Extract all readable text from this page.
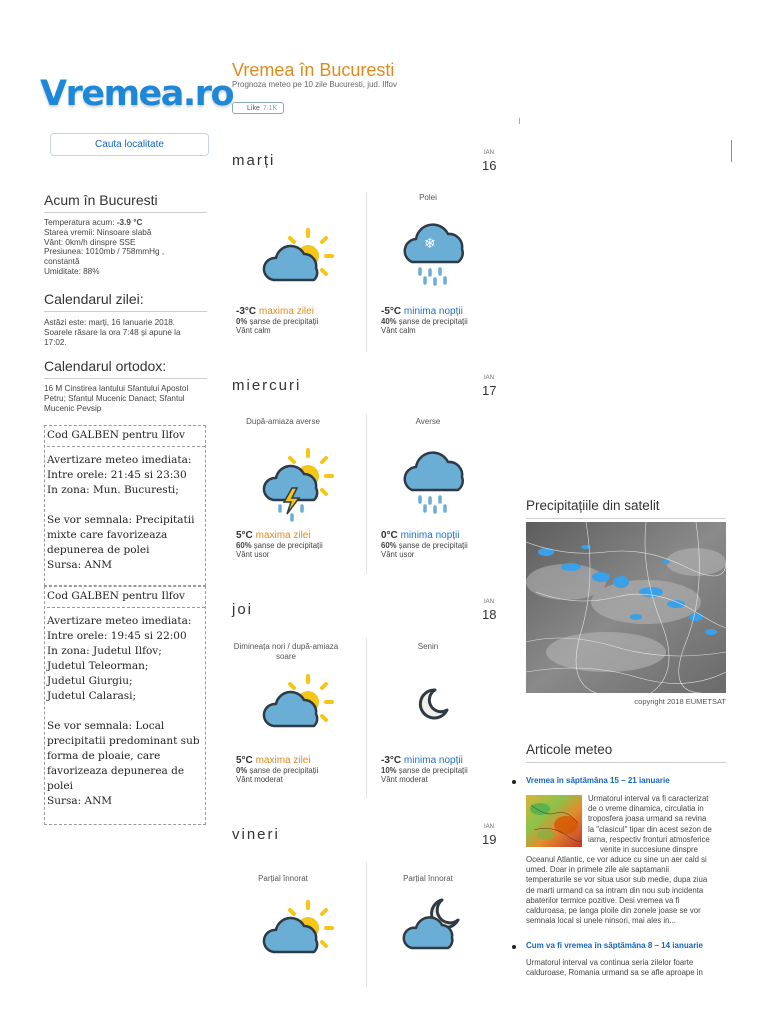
Vremea.ro
Cauta localitate
Acum în Bucuresti
Temperatura acum: -3.9 °C
Starea vremii: Ninsoare slabă
Vânt: 0km/h dinspre SSE
Presiunea: 1010mb / 758mmHg ,
constantă
Umiditate: 88%
Calendarul zilei:
Astăzi este: marți, 16 Ianuarie 2018.
Soarele răsare la ora 7:48 și apune la
17:02.
Calendarul ortodox:
16 M Cinstirea lantului Sfantului Apostol
Petru; Sfantul Mucenic Danact; Sfantul
Mucenic Pevsip
Cod GALBEN pentru Ilfov
Avertizare meteo imediata:
Intre orele: 21:45 si 23:30
In zona: Mun. Bucuresti;
Se vor semnala: Precipitatii
mixte care favorizeaza
depunerea de polei
Sursa: ANM
Cod GALBEN pentru Ilfov
Avertizare meteo imediata:
Intre orele: 19:45 si 22:00
In zona: Judetul Ilfov;
Judetul Teleorman;
Judetul Giurgiu;
Judetul Calarasi;
Se vor semnala: Local
precipitatii predominant sub
forma de ploaie, care
favorizeaza depunerea de
polei
Sursa: ANM
Vremea în Bucuresti
Prognoza meteo pe 10 zile Bucuresti, jud. Ilfov
Like 7.1K
marți	IAN
16
Polei
❄
-3°C maxima zilei
0% șanse de precipitații
Vânt calm
-5°C minima nopții
40% șanse de precipitații
Vânt calm
miercuri	IAN
17
După-amiaza averse	Averse
5°C maxima zilei
60% șanse de precipitații
Vânt usor
0°C minima nopții
60% șanse de precipitații
Vânt usor
joi	IAN
18
Dimineața nori / după-amiaza soare
Senin
5°C maxima zilei
0% șanse de precipitații
Vânt moderat
-3°C minima nopții
10% șanse de precipitații
Vânt moderat
vineri	IAN
19
Parțial înnorat	Parțial înnorat
Precipitațiile din satelit
copyright 2018 EUMETSAT
Articole meteo
Vremea în săptămâna 15 – 21 ianuarie
Urmatorul interval va fi caracterizat
de o vreme dinamica, circulatia in
troposfera joasa urmand sa revina
la "clasicul" tipar din acest sezon de
iarna, respectiv fronturi atmosferice
venite in succesiune dinspre
Oceanul Atlantic, ce vor aduce cu sine un aer cald si
umed. Doar in primele zile ale saptamanii
temperaturile se vor situa usor sub medie, dupa ziua
de marti urmand ca sa intram din nou sub incidenta
abaterilor termice pozitive. Desi vremea va fi
calduroasa, pe langa ploile din zonele joase se vor
semnala local si unele ninsori, mai ales in...
Cum va fi vremea în săptămâna 8 – 14 ianuarie
Urmatorul interval va continua seria zilelor foarte
calduroase, Romania urmand sa se afle aproape in
